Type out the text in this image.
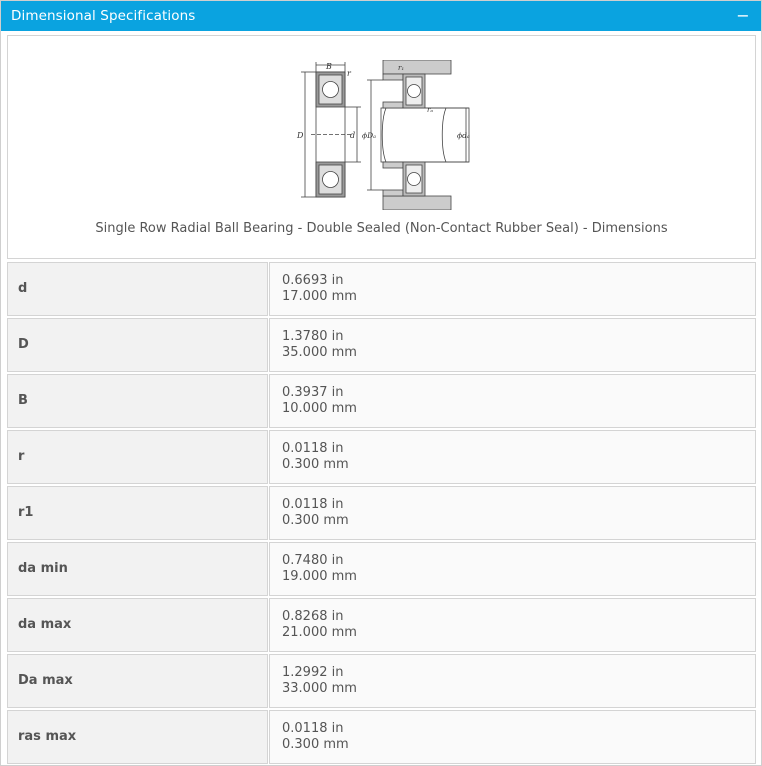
Dimensional Specifications	−
B
r
D	d ϕDₐ	ϕdₐ
r₁
rₐ
Single Row Radial Ball Bearing - Double Sealed (Non-Contact Rubber Seal) - Dimensions
d
0.6693 in
17.000 mm
D
1.3780 in
35.000 mm
B
0.3937 in
10.000 mm
r
0.0118 in
0.300 mm
r1
0.0118 in
0.300 mm
da min
0.7480 in
19.000 mm
da max
0.8268 in
21.000 mm
Da max
1.2992 in
33.000 mm
ras max
0.0118 in
0.300 mm
